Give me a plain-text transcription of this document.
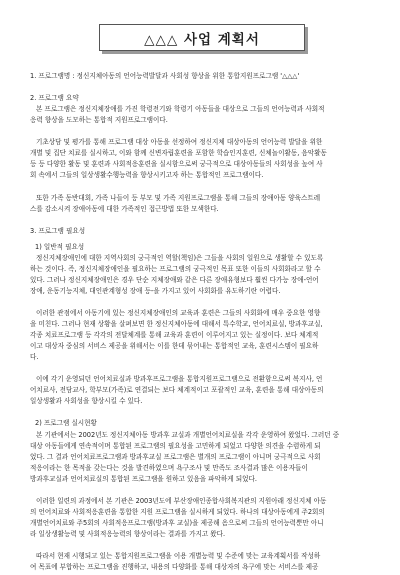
△△△ 사업 계획서
1. 프로그램명 : 정신지체아동의 언어능력발달과 사회성 향상을 위한 통합지원프로그램 '△△△'
2. 프로그램 요약
본 프로그램은 정신지체장애를 가진 학령전기와 학령기 아동들을 대상으로 그들의 언어능력과 사회적
응력 향상을 도모하는 통합적 지원프로그램이다.
기초상담 및 평가를 통해 프로그램 대상 아동을 선정하여 정신지체 대상아동의 언어능력 발달을 위한
개별 및 집단 치료를 실시하고, 이와 함께 신변자립훈련을 포함한 학습인지훈련, 신체놀이활동, 음악활동
등 등 다양한 활동 및 훈련과 사회적응훈련을 실시함으로써 궁극적으로 대상아동들의 사회성을 높여 사
회 속에서 그들의 일상생활수행능력을 향상시키고자 하는 통합적인 프로그램이다.
또한 가족 동반대회, 가족 나들이 등 부모 및 가족 지원프로그램을 통해 그들의 장애아동 양육스트레
스를 감소시켜 장애아동에 대한 가족적인 접근방법 또한 모색한다.
3. 프로그램 필요성
1) 일반적 필요성
정신지체장애인에 대한 지역사회의 궁극적인 역할(책임)은 그들을 사회의 일원으로 생활할 수 있도록
하는 것이다. 즉, 정신지체장애인을 필요하는 프로그램의 궁극적인 목표 또한 이들의 사회화라고 할 수
있다. 그러나 정신지체장애인은 경우 단순 지체장애와 같은 다른 장애유형보다 훨씬 다가능 장애-언어
장애, 운동기능지체, 대인관계형성 장애 등-을 가지고 있어 사회화를 유도하기란 어렵다.
이러한 관점에서 아동기에 있는 정신지체장애인의 교육과 훈련은 그들의 사회화에 매우 중요한 영향
을 미친다. 그러나 현재 상황을 살펴보면 한 정신지체아동에 대해서 특수학교, 언어치료실, 방과후교실,
각종 치료프로그램 등 각각의 전달체계를 통해 교육과 훈련이 이루어지고 있는 실정이다. 보다 체계적
이고 대상자 중심의 서비스 제공을 위해서는 이를 한데 묶어내는 통합적인 교육, 훈련시스템이 필요하
다.
이에 각기 운영되던 언어치료실과 방과후프로그램을 통합지원프로그램으로 전환함으로써 복지사, 언
어치료사, 전담교사, 학부모(가족)로 연결되는 보다 체계적이고 포괄적인 교육, 훈련을 통해 대상아동의
일상생활과 사회성을 향상시킬 수 있다.
2) 프로그램 실시현황
본 기관에서는 2002년도 정신지체아동 방과후 교실과 개별언어치료실을 각각 운영하여 왔었다. 그러던 중
대상 아동들에게 연속적이며 통합된 프로그램의 필요성을 고민하게 되었고 다양한 의견을 수렴하게 되
었다. 그 결과 언어치료프로그램과 방과후교실 프로그램은 별개의 프로그램이 아니며 궁극적으로 사회
적응이라는 한 목적을 갖는다는 것을 발견하였으며 욕구조사 및 만족도 조사결과 많은 이용자들이
방과후교실과 언어치료실의 통합된 프로그램을 원하고 있음을 파악하게 되었다.
이러한 일련의 과정에서 본 기관은 2003년도에 부산장애인종합사회복지관의 지원아래 정신지체 아동
의 언어치료와 사회적응훈련을 통합한 지원 프로그램을 실시하게 되었다. 하나의 대상아동에게 주2회의
개별언어치료와 주5회의 사회적응프로그램(방과후 교실)을 제공해 옴으로써 그들의 언어능력뿐만 아니
라 일상생활능력 및 사회적응능력의 향상이라는 결과를 가지고 왔다.
따라서 현재 시행되고 있는 통합지원프로그램을 이용 개별능력 및 수준에 맞는 교육계획서를 작성하
여 목표에 부합하는 프로그램을 진행하고, 내용의 다양화를 통해 대상자의 욕구에 맞는 서비스를 제공
